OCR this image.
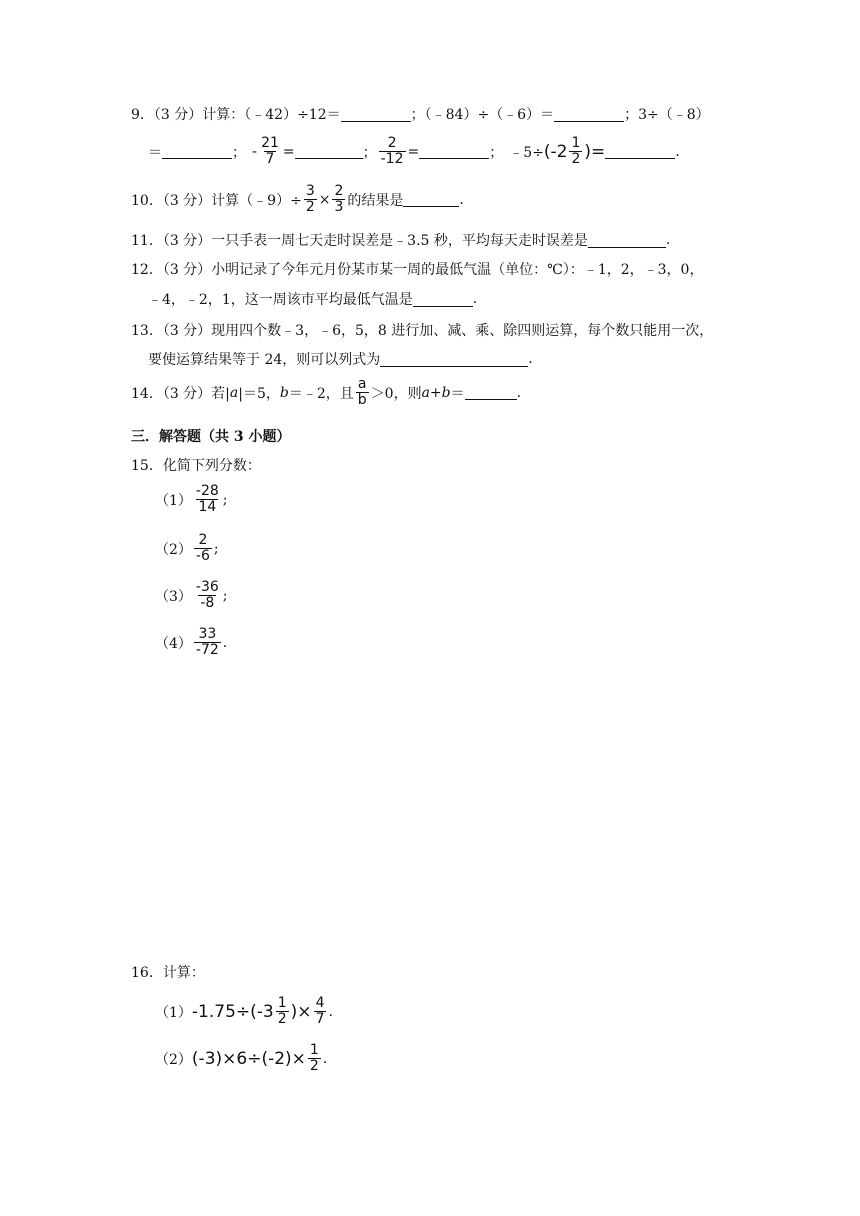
9．（3 分）计算：（﹣42）÷12＝	；（﹣84）÷（﹣6）＝	；3÷（﹣8）
＝	； - $\frac{21}{7}$ =	； $\frac{2}{-12}$ =	； ﹣5÷ ($-2 \frac{1}{2}$ )=	.
10．（3 分）计算（﹣9）÷ $\frac{3}{2} \times \frac{2}{3}$ 的结果是	.
11．（3 分）一只手表一周七天走时误差是﹣3.5 秒，平均每天走时误差是	.
12．（3 分）小明记录了今年元月份某市某一周的最低气温（单位：℃）：﹣1，2，﹣3，0，
﹣4，﹣2，1，这一周该市平均最低气温是	.
13．（3 分）现用四个数﹣3，﹣6，5，8 进行加、减、乘、除四则运算，每个数只能用一次，
要使运算结果等于 24，则可以列式为	.
14．（3 分）若| a |＝5， b ＝﹣2，且 $\frac{a}{b} >0$，则 a+b ＝	.
三．解答题（共 3 小题）
15．化简下列分数：
$(1) \frac{-28}{14}$ ;
$(2) \frac{2}{-6}$ ;
$(3) \frac{-36}{-8}$ ;
$(4) \frac{33}{-72}$ .
16．计算：
（1） $-1.75\div (-3 \frac{1}{2}$ )× $\frac{4}{7}$ .
（2） $(-3)\times 6\div(-2)\times \frac{1}{2}$ .
